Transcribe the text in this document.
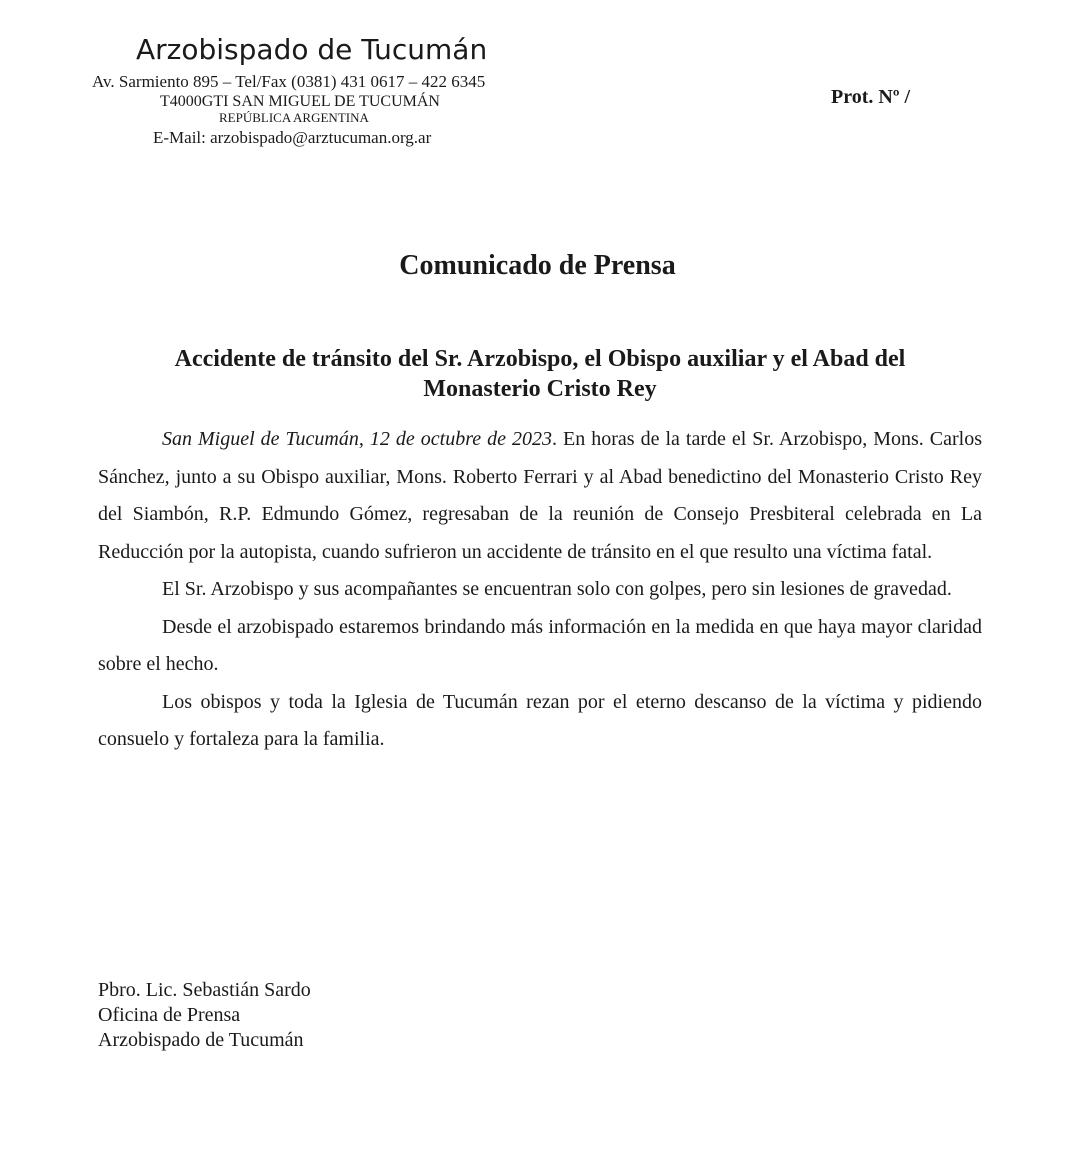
Arzobispado de Tucumán
Av. Sarmiento 895 – Tel/Fax (0381) 431 0617 – 422 6345
T4000GTI SAN MIGUEL DE TUCUMÁN
REPÚBLICA ARGENTINA
E-Mail: arzobispado@arztucuman.org.ar
Prot. Nº /
Comunicado de Prensa
Accidente de tránsito del Sr. Arzobispo, el Obispo auxiliar y el Abad del
Monasterio Cristo Rey

San Miguel de Tucumán, 12 de octubre de 2023. En horas de la tarde el Sr. Arzobispo, Mons. Carlos Sánchez, junto a su Obispo auxiliar, Mons. Roberto Ferrari y al Abad benedictino del Monasterio Cristo Rey del Siambón, R.P. Edmundo Gómez, regresaban de la reunión de Consejo Presbiteral celebrada en La Reducción por la autopista, cuando sufrieron un accidente de tránsito en el que resulto una víctima fatal.

El Sr. Arzobispo y sus acompañantes se encuentran solo con golpes, pero sin lesiones de gravedad.

Desde el arzobispado estaremos brindando más información en la medida en que haya mayor claridad sobre el hecho.

Los obispos y toda la Iglesia de Tucumán rezan por el eterno descanso de la víctima y pidiendo consuelo y fortaleza para la familia.

Pbro. Lic. Sebastián Sardo
Oficina de Prensa
Arzobispado de Tucumán
